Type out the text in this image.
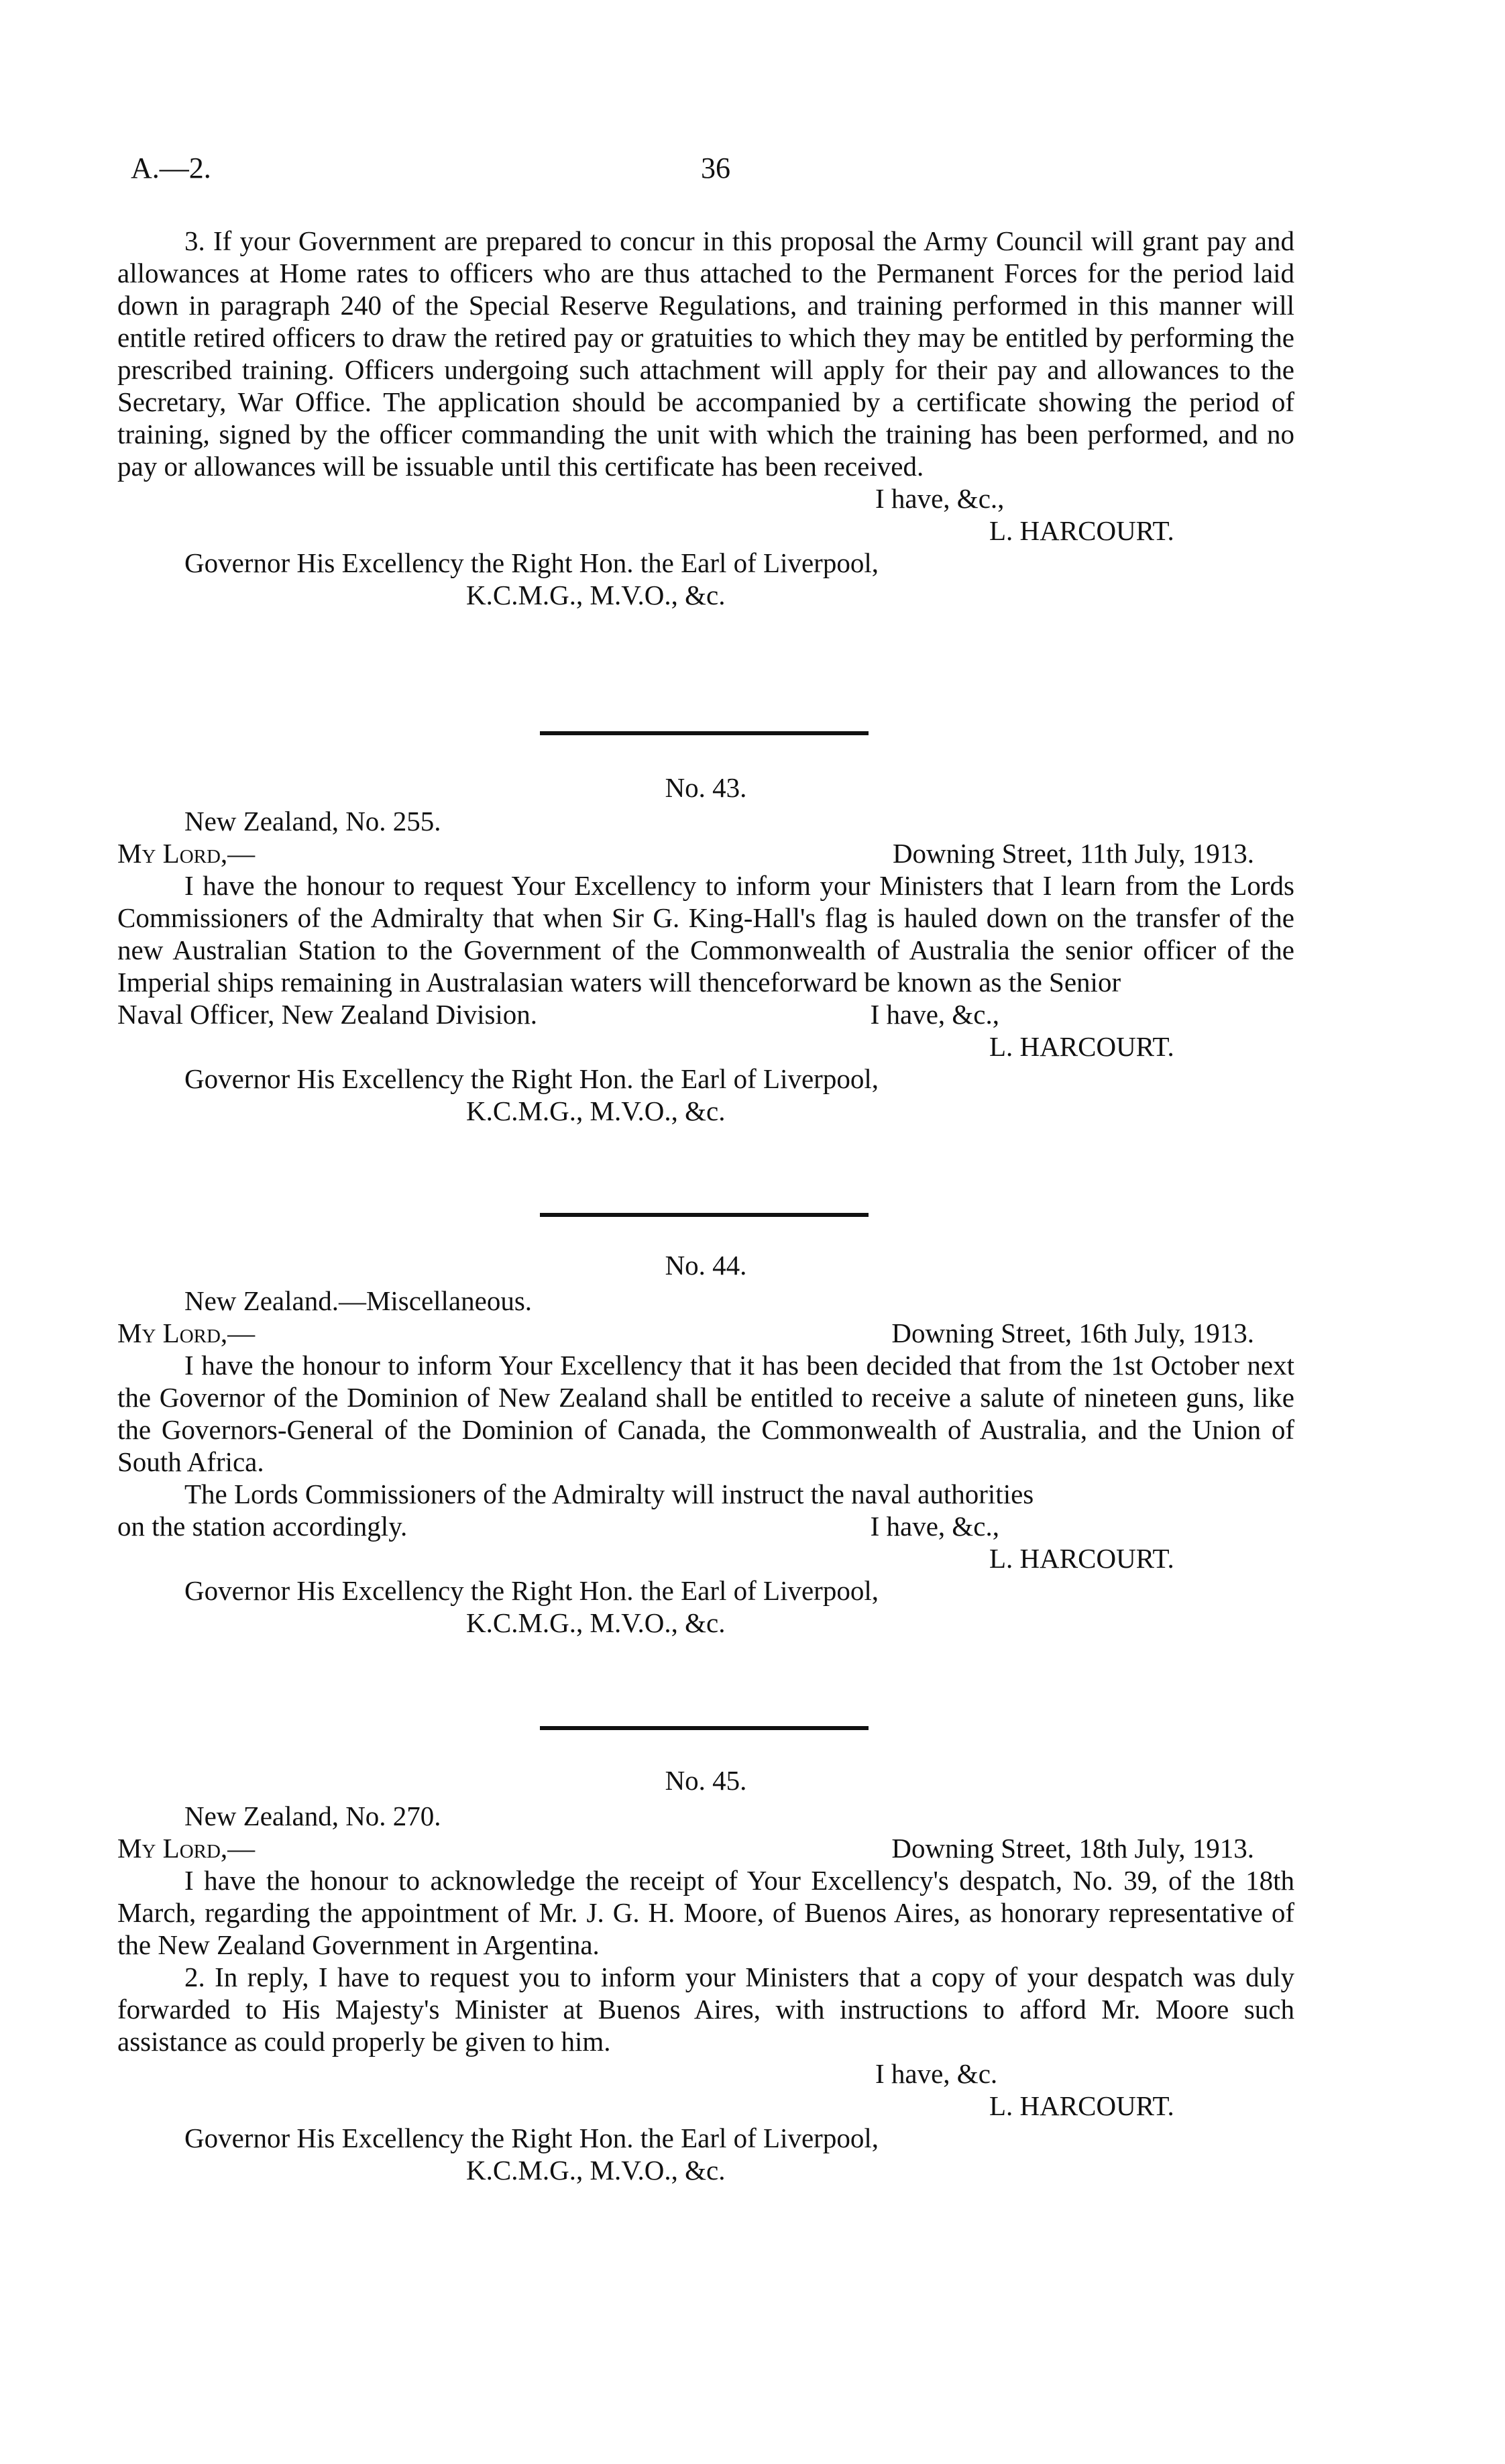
A.—2.	36

3. If your Government are prepared to concur in this proposal the Army Council will grant pay and allowances at Home rates to officers who are thus attached to the Permanent Forces for the period laid down in paragraph 240 of the Special Reserve Regulations, and training performed in this manner will entitle retired officers to draw the retired pay or gratuities to which they may be entitled by performing the prescribed training. Officers undergoing such attachment will apply for their pay and allowances to the Secretary, War Office. The application should be accompanied by a certificate showing the period of training, signed by the officer commanding the unit with which the training has been performed, and no pay or allowances will be issuable until this certificate has been received.

I have, &c.,
L. HARCOURT.
Governor His Excellency the Right Hon. the Earl of Liverpool,
K.C.M.G., M.V.O., &c.
No. 43.
New Zealand, No. 255.
My Lord,—	Downing Street, 11th July, 1913.

I have the honour to request Your Excellency to inform your Ministers that I learn from the Lords Commissioners of the Admiralty that when Sir G. King-Hall's flag is hauled down on the transfer of the new Australian Station to the Government of the Commonwealth of Australia the senior officer of the Imperial ships remaining in Australasian waters will thenceforward be known as the Senior

Naval Officer, New Zealand Division.	I have, &c.,
L. HARCOURT.
Governor His Excellency the Right Hon. the Earl of Liverpool,
K.C.M.G., M.V.O., &c.
No. 44.
New Zealand.—Miscellaneous.
My Lord,—	Downing Street, 16th July, 1913.

I have the honour to inform Your Excellency that it has been decided that from the 1st October next the Governor of the Dominion of New Zealand shall be entitled to receive a salute of nineteen guns, like the Governors-General of the Dominion of Canada, the Commonwealth of Australia, and the Union of South Africa.

The Lords Commissioners of the Admiralty will instruct the naval authorities

on the station accordingly.	I have, &c.,
L. HARCOURT.
Governor His Excellency the Right Hon. the Earl of Liverpool,
K.C.M.G., M.V.O., &c.
No. 45.
New Zealand, No. 270.
My Lord,—	Downing Street, 18th July, 1913.

I have the honour to acknowledge the receipt of Your Excellency's despatch, No. 39, of the 18th March, regarding the appointment of Mr. J. G. H. Moore, of Buenos Aires, as honorary representative of the New Zealand Government in Argentina.

2. In reply, I have to request you to inform your Ministers that a copy of your despatch was duly forwarded to His Majesty's Minister at Buenos Aires, with instructions to afford Mr. Moore such assistance as could properly be given to him.

I have, &c.
L. HARCOURT.
Governor His Excellency the Right Hon. the Earl of Liverpool,
K.C.M.G., M.V.O., &c.
